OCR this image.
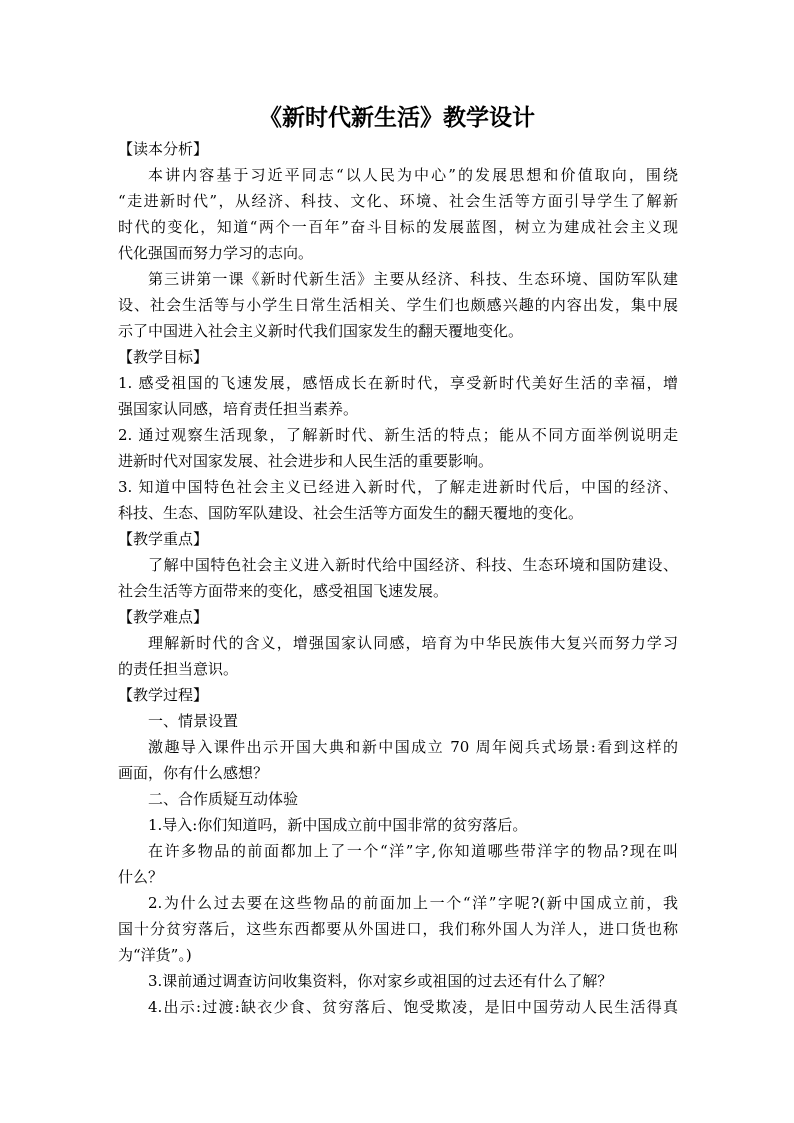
《新时代新生活》教学设计
【读本分析】
本讲内容基于习近平同志“以人民为中心”的发展思想和价值取向，围绕
“走进新时代”，从经济、科技、文化、环境、社会生活等方面引导学生了解新
时代的变化，知道“两个一百年”奋斗目标的发展蓝图，树立为建成社会主义现
代化强国而努力学习的志向。
第三讲第一课《新时代新生活》主要从经济、科技、生态环境、国防军队建
设、社会生活等与小学生日常生活相关、学生们也颇感兴趣的内容出发，集中展
示了中国进入社会主义新时代我们国家发生的翻天覆地变化。
【教学目标】
1. 感受祖国的飞速发展，感悟成长在新时代，享受新时代美好生活的幸福，增
强国家认同感，培育责任担当素养。
2. 通过观察生活现象，了解新时代、新生活的特点；能从不同方面举例说明走
进新时代对国家发展、社会进步和人民生活的重要影响。
3. 知道中国特色社会主义已经进入新时代，了解走进新时代后，中国的经济、
科技、生态、国防军队建设、社会生活等方面发生的翻天覆地的变化。
【教学重点】
了解中国特色社会主义进入新时代给中国经济、科技、生态环境和国防建设、
社会生活等方面带来的变化，感受祖国飞速发展。
【教学难点】
理解新时代的含义，增强国家认同感，培育为中华民族伟大复兴而努力学习
的责任担当意识。
【教学过程】
一、情景设置
激趣导入课件出示开国大典和新中国成立 70 周年阅兵式场景:看到这样的
画面，你有什么感想？
二、合作质疑互动体验
1.导入:你们知道吗，新中国成立前中国非常的贫穷落后。
在许多物品的前面都加上了一个“洋”字,你知道哪些带洋字的物品?现在叫
什么？
2.为什么过去要在这些物品的前面加上一个“洋”字呢?(新中国成立前，我
国十分贫穷落后，这些东西都要从外国进口，我们称外国人为洋人，进口货也称
为“洋货”。)
3.课前通过调查访问收集资料，你对家乡或祖国的过去还有什么了解？
4.出示:过渡:缺衣少食、贫穷落后、饱受欺凌，是旧中国劳动人民生活得真
